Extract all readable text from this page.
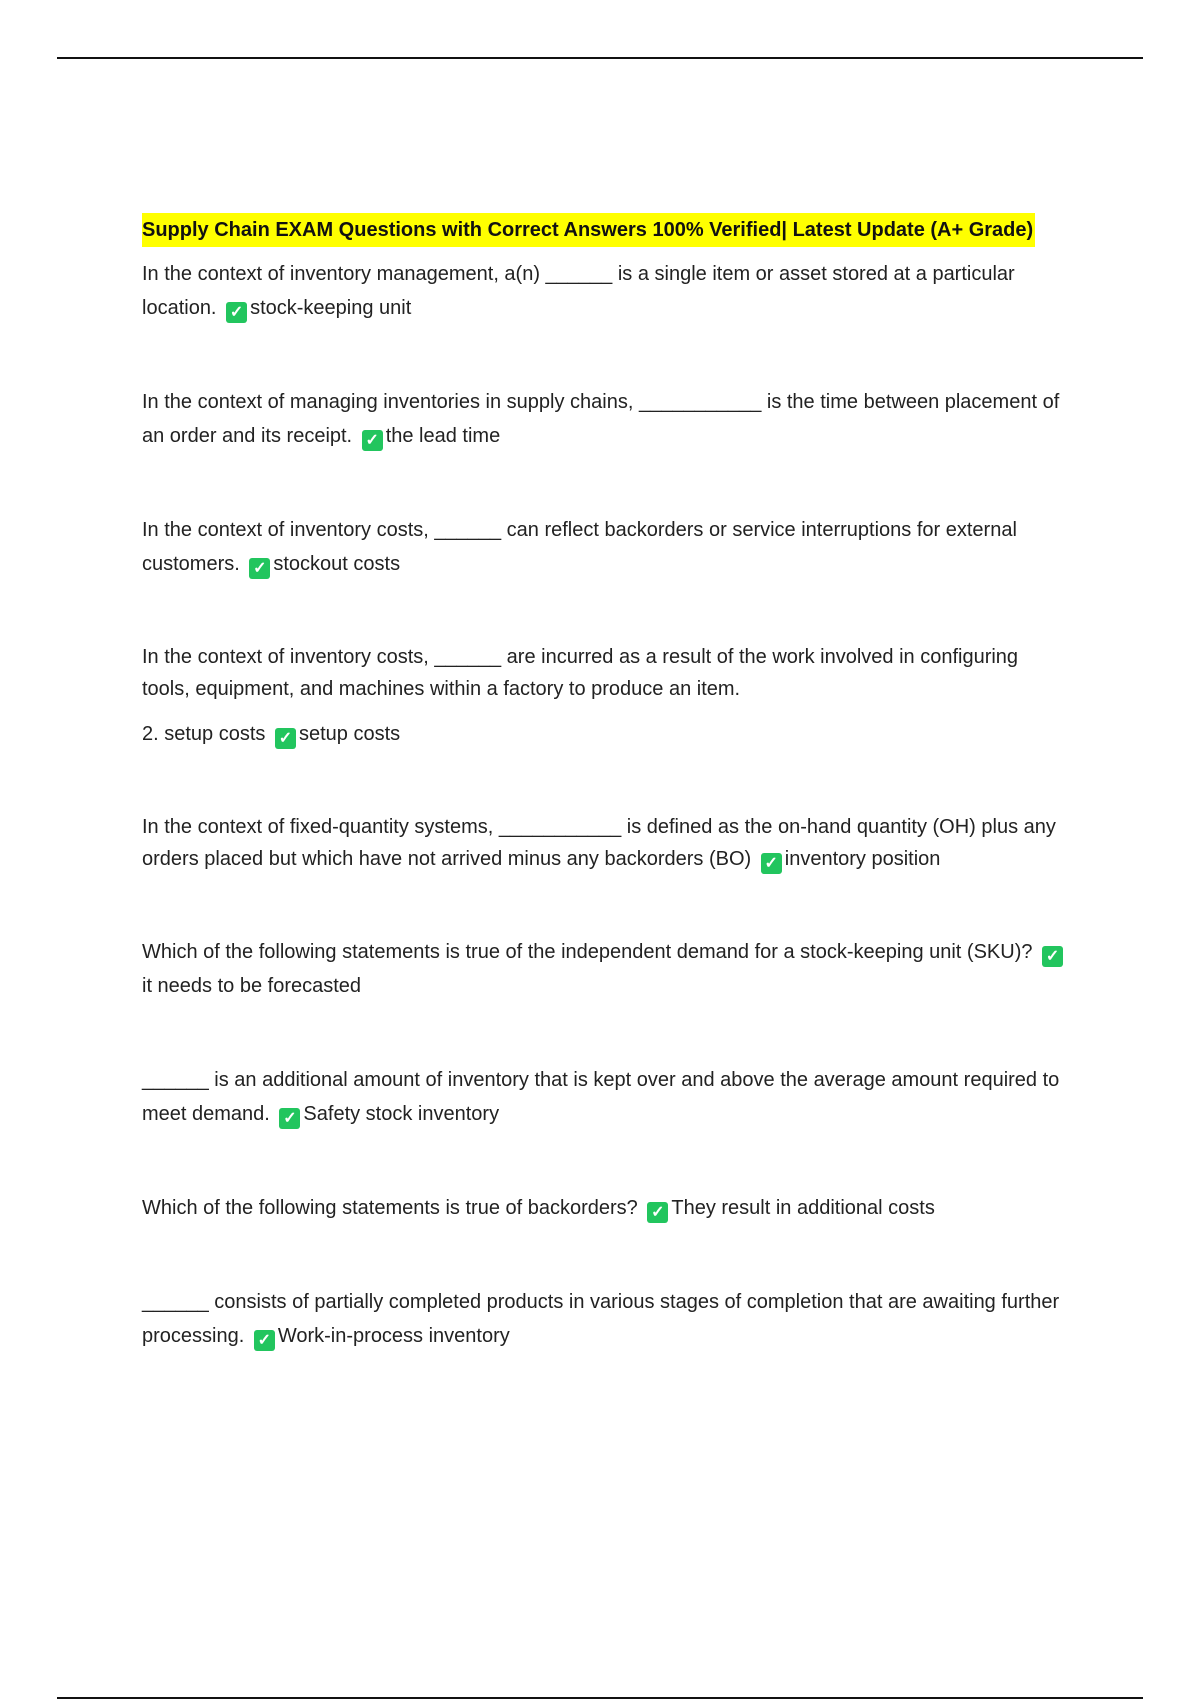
Supply Chain EXAM Questions with Correct Answers 100% Verified| Latest Update (A+ Grade)

In the context of inventory management, a(n) ______ is a single item or asset stored at a particular location. ✓ stock-keeping unit

In the context of managing inventories in supply chains, ___________ is the time between placement of an order and its receipt. ✓ the lead time

In the context of inventory costs, ______ can reflect backorders or service interruptions for external customers. ✓ stockout costs

In the context of inventory costs, ______ are incurred as a result of the work involved in configuring tools, equipment, and machines within a factory to produce an item.

2. setup costs ✓ setup costs

In the context of fixed-quantity systems, ___________ is defined as the on-hand quantity (OH) plus any orders placed but which have not arrived minus any backorders (BO) ✓ inventory position

Which of the following statements is true of the independent demand for a stock-keeping unit (SKU)? ✓it needs to be forecasted

______ is an additional amount of inventory that is kept over and above the average amount required to meet demand. ✓ Safety stock inventory

Which of the following statements is true of backorders? ✓ They result in additional costs

______ consists of partially completed products in various stages of completion that are awaiting further processing. ✓ Work-in-process inventory
